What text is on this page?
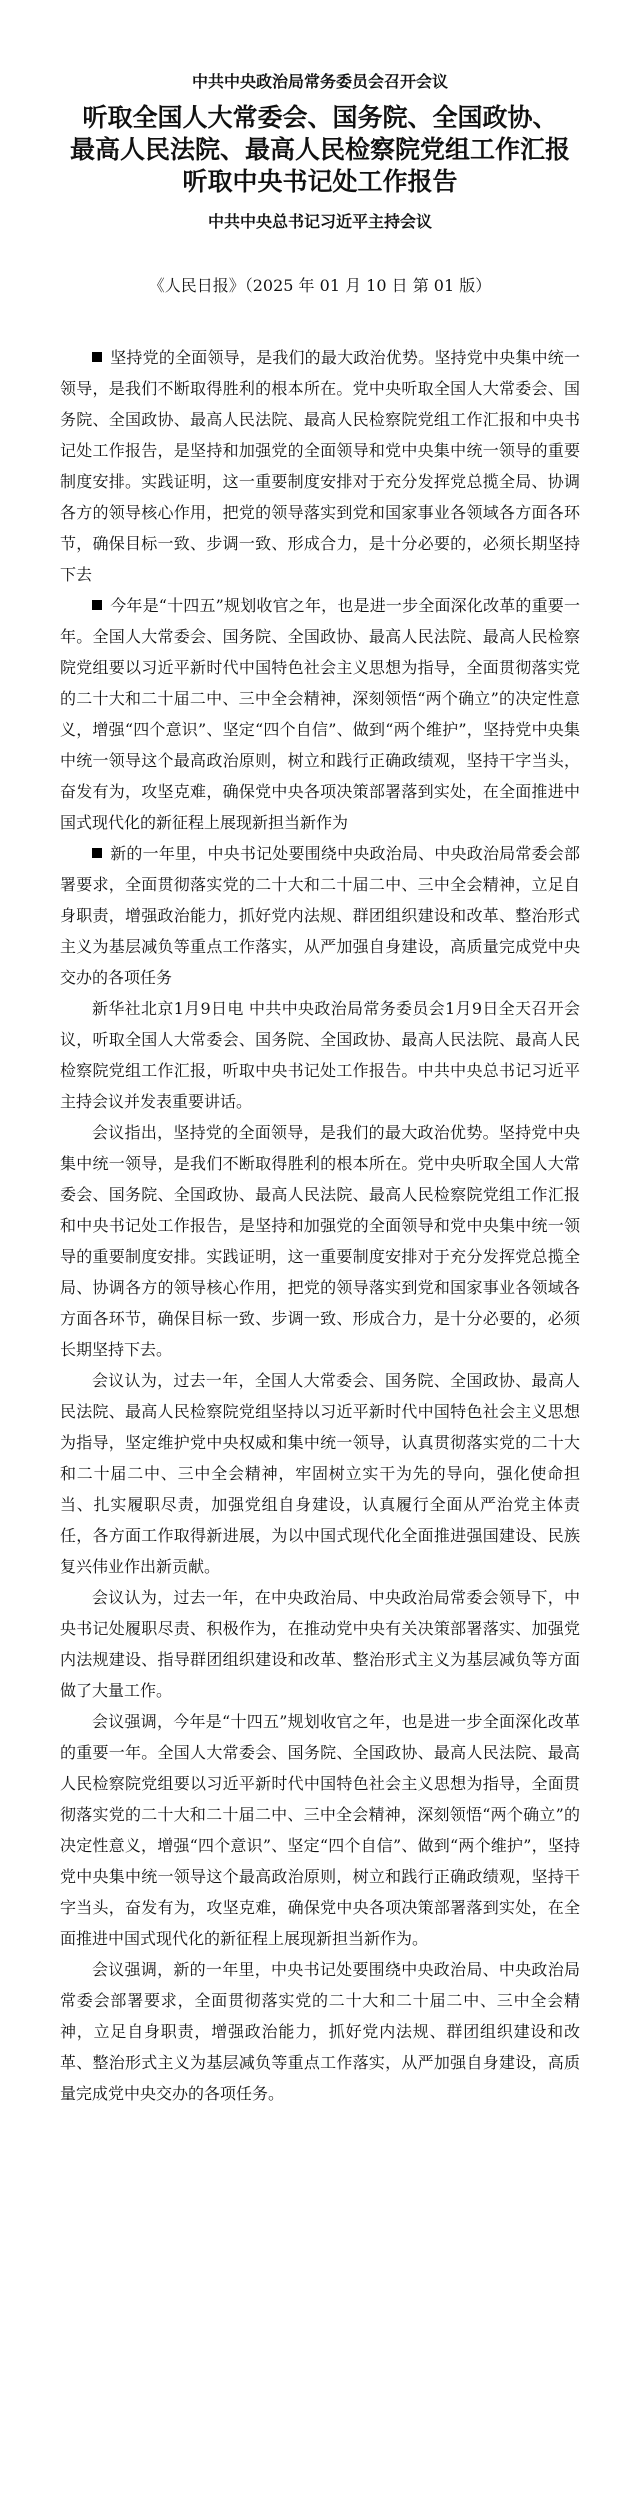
中共中央政治局常务委员会召开会议
听取全国人大常委会、国务院、全国政协、
最高人民法院、最高人民检察院党组工作汇报
听取中央书记处工作报告
中共中央总书记习近平主持会议
《人民日报》（2025 年 01 月 10 日 第 01 版）

坚持党的全面领导，是我们的最大政治优势。坚持党中央集中统一领导，是我们不断取得胜利的根本所在。党中央听取全国人大常委会、国务院、全国政协、最高人民法院、最高人民检察院党组工作汇报和中央书记处工作报告，是坚持和加强党的全面领导和党中央集中统一领导的重要制度安排。实践证明，这一重要制度安排对于充分发挥党总揽全局、协调各方的领导核心作用，把党的领导落实到党和国家事业各领域各方面各环节，确保目标一致、步调一致、形成合力，是十分必要的，必须长期坚持下去

今年是“十四五”规划收官之年，也是进一步全面深化改革的重要一年。全国人大常委会、国务院、全国政协、最高人民法院、最高人民检察院党组要以习近平新时代中国特色社会主义思想为指导，全面贯彻落实党的二十大和二十届二中、三中全会精神，深刻领悟“两个确立”的决定性意义，增强“四个意识”、坚定“四个自信”、做到“两个维护”，坚持党中央集中统一领导这个最高政治原则，树立和践行正确政绩观，坚持干字当头，奋发有为，攻坚克难，确保党中央各项决策部署落到实处，在全面推进中国式现代化的新征程上展现新担当新作为

新的一年里，中央书记处要围绕中央政治局、中央政治局常委会部署要求，全面贯彻落实党的二十大和二十届二中、三中全会精神，立足自身职责，增强政治能力，抓好党内法规、群团组织建设和改革、整治形式主义为基层减负等重点工作落实，从严加强自身建设，高质量完成党中央交办的各项任务

新华社北京1月9日电 中共中央政治局常务委员会1月9日全天召开会议，听取全国人大常委会、国务院、全国政协、最高人民法院、最高人民检察院党组工作汇报，听取中央书记处工作报告。中共中央总书记习近平主持会议并发表重要讲话。

会议指出，坚持党的全面领导，是我们的最大政治优势。坚持党中央集中统一领导，是我们不断取得胜利的根本所在。党中央听取全国人大常委会、国务院、全国政协、最高人民法院、最高人民检察院党组工作汇报和中央书记处工作报告，是坚持和加强党的全面领导和党中央集中统一领导的重要制度安排。实践证明，这一重要制度安排对于充分发挥党总揽全局、协调各方的领导核心作用，把党的领导落实到党和国家事业各领域各方面各环节，确保目标一致、步调一致、形成合力，是十分必要的，必须长期坚持下去。

会议认为，过去一年，全国人大常委会、国务院、全国政协、最高人民法院、最高人民检察院党组坚持以习近平新时代中国特色社会主义思想为指导，坚定维护党中央权威和集中统一领导，认真贯彻落实党的二十大和二十届二中、三中全会精神，牢固树立实干为先的导向，强化使命担当、扎实履职尽责，加强党组自身建设，认真履行全面从严治党主体责任，各方面工作取得新进展，为以中国式现代化全面推进强国建设、民族复兴伟业作出新贡献。

会议认为，过去一年，在中央政治局、中央政治局常委会领导下，中央书记处履职尽责、积极作为，在推动党中央有关决策部署落实、加强党内法规建设、指导群团组织建设和改革、整治形式主义为基层减负等方面做了大量工作。

会议强调，今年是“十四五”规划收官之年，也是进一步全面深化改革的重要一年。全国人大常委会、国务院、全国政协、最高人民法院、最高人民检察院党组要以习近平新时代中国特色社会主义思想为指导，全面贯彻落实党的二十大和二十届二中、三中全会精神，深刻领悟“两个确立”的决定性意义，增强“四个意识”、坚定“四个自信”、做到“两个维护”，坚持党中央集中统一领导这个最高政治原则，树立和践行正确政绩观，坚持干字当头，奋发有为，攻坚克难，确保党中央各项决策部署落到实处，在全面推进中国式现代化的新征程上展现新担当新作为。

会议强调，新的一年里，中央书记处要围绕中央政治局、中央政治局常委会部署要求，全面贯彻落实党的二十大和二十届二中、三中全会精神，立足自身职责，增强政治能力，抓好党内法规、群团组织建设和改革、整治形式主义为基层减负等重点工作落实，从严加强自身建设，高质量完成党中央交办的各项任务。
